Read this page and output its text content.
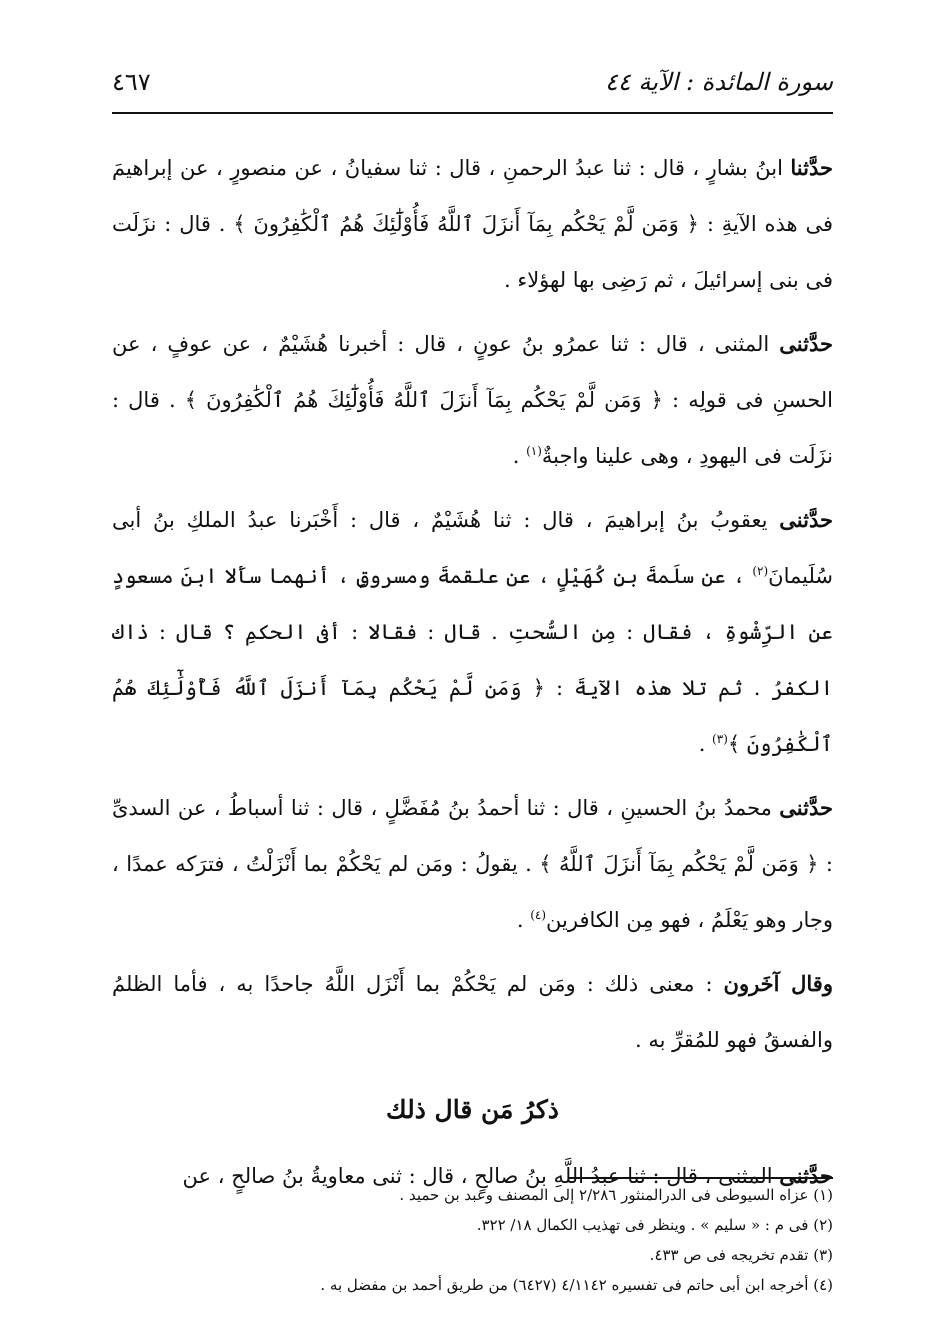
سورة المائدة : الآية ٤٤
٤٦٧

حدَّثنا ابنُ بشارٍ ، قال : ثنا عبدُ الرحمنِ ، قال : ثنا سفيانُ ، عن منصورٍ ، عن إبراهيمَ فى هذه الآيةِ : ﴿ وَمَن لَّمْ يَحْكُم بِمَآ أَنزَلَ ٱللَّهُ فَأُوْلَٰٓئِكَ هُمُ ٱلْكَٰفِرُونَ ﴾ . قال : نزَلَت فى بنى إسرائيلَ ، ثم رَضِى بها لهؤلاء .

حدَّثنى المثنى ، قال : ثنا عمرُو بنُ عونٍ ، قال : أخبرنا هُشَيْمٌ ، عن عوفٍ ، عن الحسنِ فى قولِه : ﴿ وَمَن لَّمْ يَحْكُم بِمَآ أَنزَلَ ٱللَّهُ فَأُوْلَٰٓئِكَ هُمُ ٱلْكَٰفِرُونَ ﴾ . قال : نزَلَت فى اليهودِ ، وهى علينا واجبةٌ$^{(١)}$ .

حدَّثنى يعقوبُ بنُ إبراهيمَ ، قال : ثنا هُشَيْمٌ ، قال : أَخْبَرنا عبدُ الملكِ بنُ أبى سُلَيمانَ$^{(٢)}$ ، عن سلَمةَ بنِ كُهَيْلٍ ، عن علقمةَ ومسروقٍ ، أنهما سأَلا ابنَ مسعودٍ عن الرِّشْوةِ ، فقال : مِن السُّحتِ . قال : فقالا : أفى الحكمِ ؟ قال : ذاك الكفرُ . ثم تلا هذه الآيةَ : ﴿ وَمَن لَّمْ يَحْكُم بِمَآ أَنزَلَ ٱللَّهُ فَأُوْلَٰٓئِكَ هُمُ ٱلْكَٰفِرُونَ ﴾$^{(٣)}$ .

حدَّثنى محمدُ بنُ الحسينِ ، قال : ثنا أحمدُ بنُ مُفَضَّلٍ ، قال : ثنا أسباطُ ، عن السدىِّ : ﴿ وَمَن لَّمْ يَحْكُم بِمَآ أَنزَلَ ٱللَّهُ ﴾ . يقولُ : ومَن لم يَحْكُمْ بما أَنْزَلْتُ ، فترَكه عمدًا ، وجار وهو يَعْلَمُ ، فهو مِن الكافرين$^{(٤)}$ .

وقال آخَرون : معنى ذلك : ومَن لم يَحْكُمْ بما أَنْزَل اللَّهُ جاحدًا به ، فأما الظلمُ والفسقُ فهو للمُقرِّ به .

ذكرُ مَن قال ذلك

حدَّثنى المثنى ، قال : ثنا عبدُ اللَّهِ بنُ صالحٍ ، قال : ثنى معاويةُ بنُ صالحٍ ، عن

(١) عزاه السيوطى فى الدرالمنثور ٢/٢٨٦ إلى المصنف وعبد بن حميد .
(٢) فى م : « سليم » . وينظر فى تهذيب الكمال ١٨/ ٣٢٢.
(٣) تقدم تخريجه فى ص ٤٣٣.
(٤) أخرجه ابن أبى حاتم فى تفسيره ٤/١١٤٢ (٦٤٢٧) من طريق أحمد بن مفضل به .
